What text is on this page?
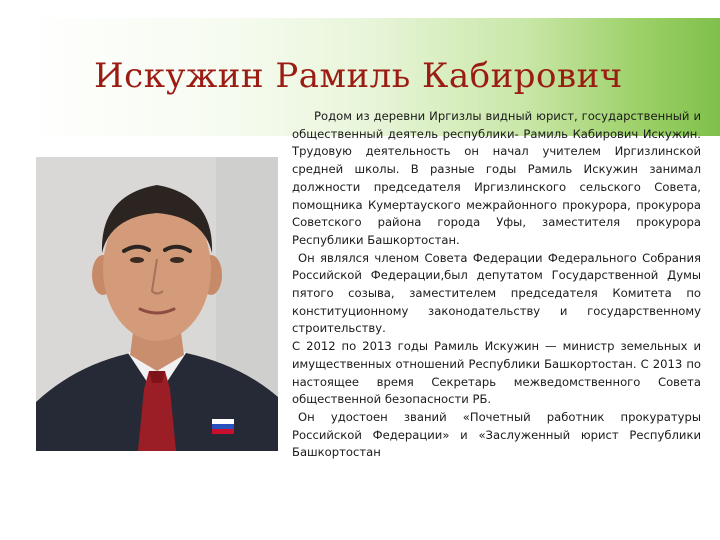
Искужин Рамиль Кабирович

Родом из деревни Иргизлы видный юрист, государственный и общественный деятель республики- Рамиль Кабирович Искужин. Трудовую деятельность он начал учителем Иргизлинской средней школы. В разные годы Рамиль Искужин занимал должности председателя Иргизлинского сельского Совета, помощника Кумертауского межрайонного прокурора, прокурора Советского района города Уфы, заместителя прокурора Республики Башкортостан.

Он являлся членом Совета Федерации Федерального Собрания Российской Федерации,был депутатом Государственной Думы пятого созыва, заместителем председателя Комитета по конституционному законодательству и государственному строительству.

С 2012 по 2013 годы Рамиль Искужин — министр земельных и имущественных отношений Республики Башкортостан. С 2013 по настоящее время Секретарь межведомственного Совета общественной безопасности РБ.

Он удостоен званий «Почетный работник прокуратуры Российской Федерации» и «Заслуженный юрист Республики Башкортостан
